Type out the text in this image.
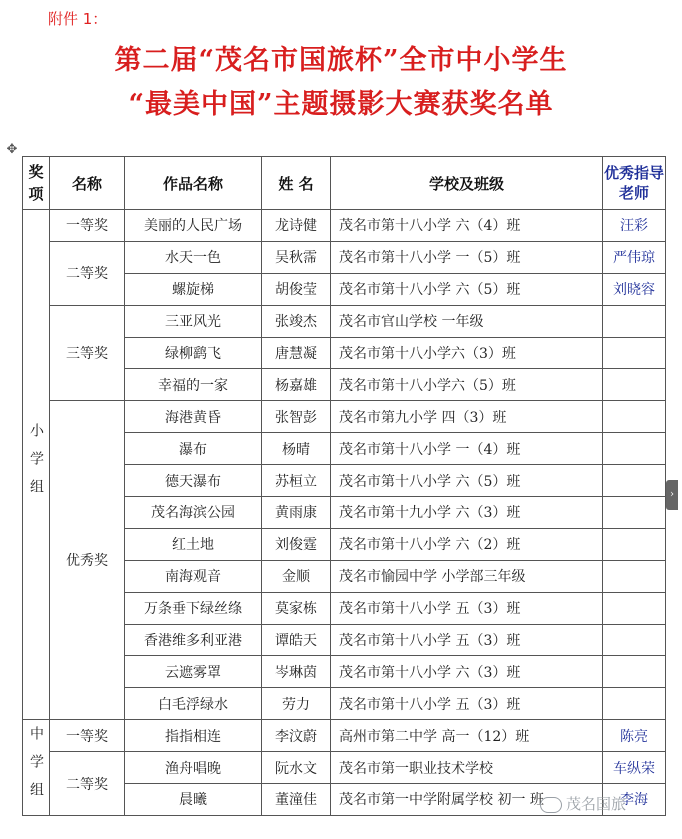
附件 1：
第二届“茂名市国旅杯”全市中小学生
“最美中国”主题摄影大赛获奖名单
✥
›
奖项	名称	作品名称	姓 名	学校及班级	优秀指导老师
小学组	一等奖	美丽的人民广场	龙诗健	茂名市第十八小学 六（4）班	汪彩
	二等奖	水天一色	吴秋霈	茂名市第十八小学 一（5）班	严伟琼
		螺旋梯	胡俊莹	茂名市第十八小学 六（5）班	刘晓容
	三等奖	三亚风光	张竣杰	茂名市官山学校 一年级	
		绿柳鹞飞	唐慧凝	茂名市第十八小学六（3）班	
		幸福的一家	杨嘉雄	茂名市第十八小学六（5）班	
	优秀奖	海港黄昏	张智彭	茂名市第九小学 四（3）班	
		瀑布	杨晴	茂名市第十八小学 一（4）班	
		德天瀑布	苏桓立	茂名市第十八小学 六（5）班	
		茂名海滨公园	黄雨康	茂名市第十九小学 六（3）班	
		红土地	刘俊霆	茂名市第十八小学 六（2）班	
		南海观音	金顺	茂名市愉园中学 小学部三年级	
		万条垂下绿丝绦	莫家栋	茂名市第十八小学 五（3）班	
		香港维多利亚港	谭皓天	茂名市第十八小学 五（3）班	
		云遮雾罩	岑琳茵	茂名市第十八小学 六（3）班	
		白毛浮绿水	劳力	茂名市第十八小学 五（3）班	
中学组	一等奖	指指相连	李汶蔚	高州市第二中学 高一（12）班	陈亮
	二等奖	渔舟唱晚	阮水文	茂名市第一职业技术学校	车纵荣
		晨曦	董潼佳	茂名市第一中学附属学校 初一 班	李海
茂名国旅
